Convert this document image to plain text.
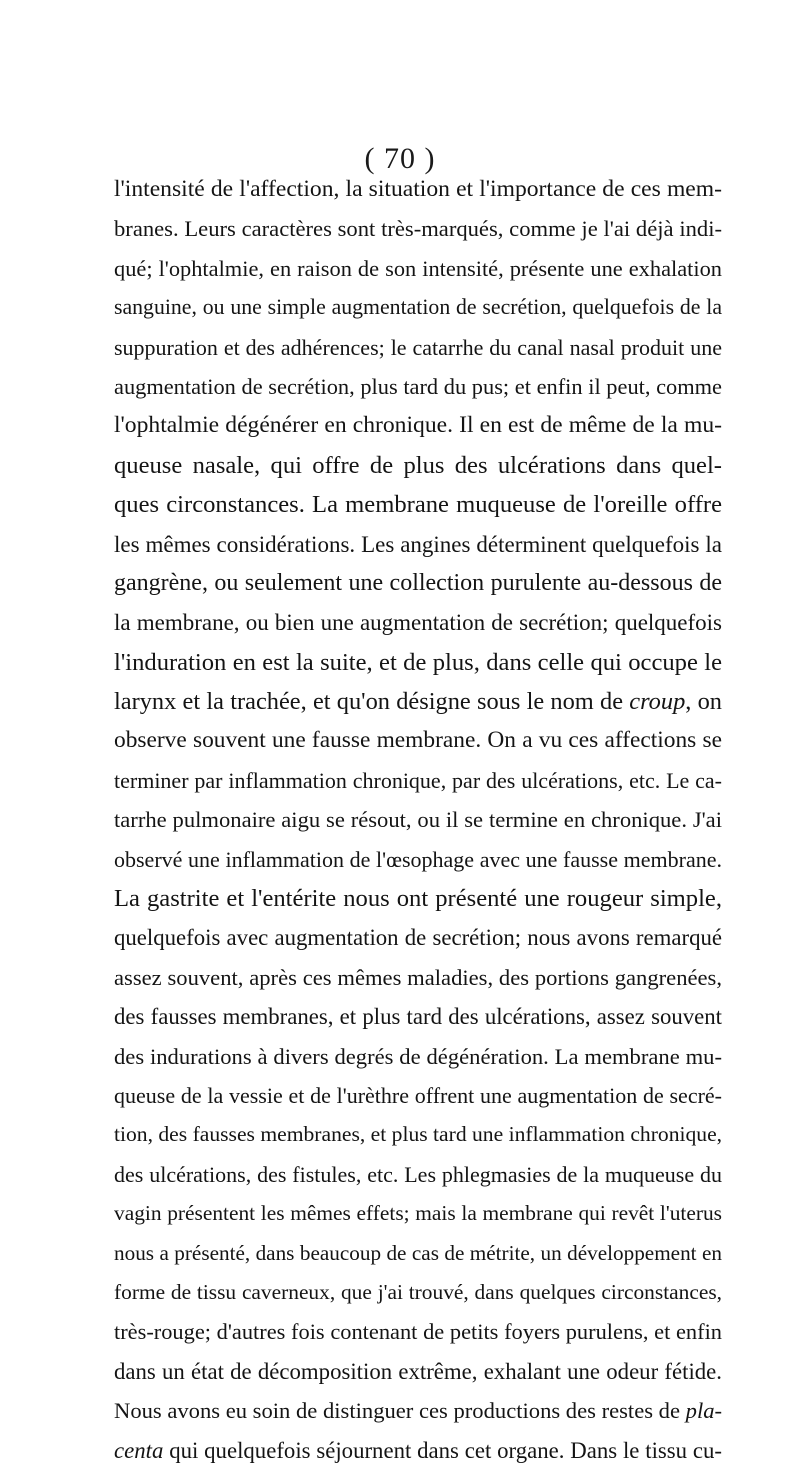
( 70 )
l'intensité de l'affection, la situation et l'importance de ces mem-
branes. Leurs caractères sont très-marqués, comme je l'ai déjà indi-
qué; l'ophtalmie, en raison de son intensité, présente une exhalation
sanguine, ou une simple augmentation de secrétion, quelquefois de la
suppuration et des adhérences; le catarrhe du canal nasal produit une
augmentation de secrétion, plus tard du pus; et enfin il peut, comme
l'ophtalmie dégénérer en chronique. Il en est de même de la mu-
queuse nasale, qui offre de plus des ulcérations dans quel-
ques circonstances. La membrane muqueuse de l'oreille offre
les mêmes considérations. Les angines déterminent quelquefois la
gangrène, ou seulement une collection purulente au-dessous de
la membrane, ou bien une augmentation de secrétion; quelquefois
l'induration en est la suite, et de plus, dans celle qui occupe le
larynx et la trachée, et qu'on désigne sous le nom de croup, on
observe souvent une fausse membrane. On a vu ces affections se
terminer par inflammation chronique, par des ulcérations, etc. Le ca-
tarrhe pulmonaire aigu se résout, ou il se termine en chronique. J'ai
observé une inflammation de l'œsophage avec une fausse membrane.
La gastrite et l'entérite nous ont présenté une rougeur simple,
quelquefois avec augmentation de secrétion; nous avons remarqué
assez souvent, après ces mêmes maladies, des portions gangrenées,
des fausses membranes, et plus tard des ulcérations, assez souvent
des indurations à divers degrés de dégénération. La membrane mu-
queuse de la vessie et de l'urèthre offrent une augmentation de secré-
tion, des fausses membranes, et plus tard une inflammation chronique,
des ulcérations, des fistules, etc. Les phlegmasies de la muqueuse du
vagin présentent les mêmes effets; mais la membrane qui revêt l'uterus
nous a présenté, dans beaucoup de cas de métrite, un développement en
forme de tissu caverneux, que j'ai trouvé, dans quelques circonstances,
très-rouge; d'autres fois contenant de petits foyers purulens, et enfin
dans un état de décomposition extrême, exhalant une odeur fétide.
Nous avons eu soin de distinguer ces productions des restes de pla-
centa qui quelquefois séjournent dans cet organe. Dans le tissu cu-
